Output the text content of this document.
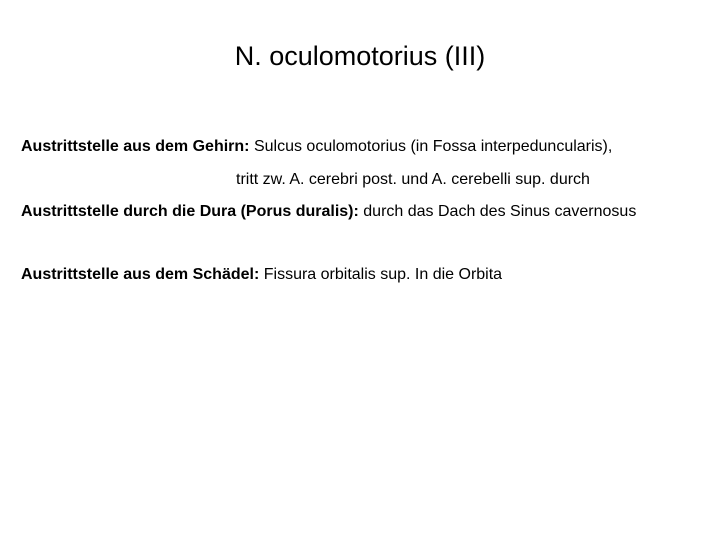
N. oculomotorius (III)
Austrittstelle aus dem Gehirn: Sulcus oculomotorius (in Fossa interpeduncularis),
tritt zw. A. cerebri post. und A. cerebelli sup. durch
Austrittstelle durch die Dura (Porus duralis): durch das Dach des Sinus cavernosus
Austrittstelle aus dem Schädel: Fissura orbitalis sup. In die Orbita
